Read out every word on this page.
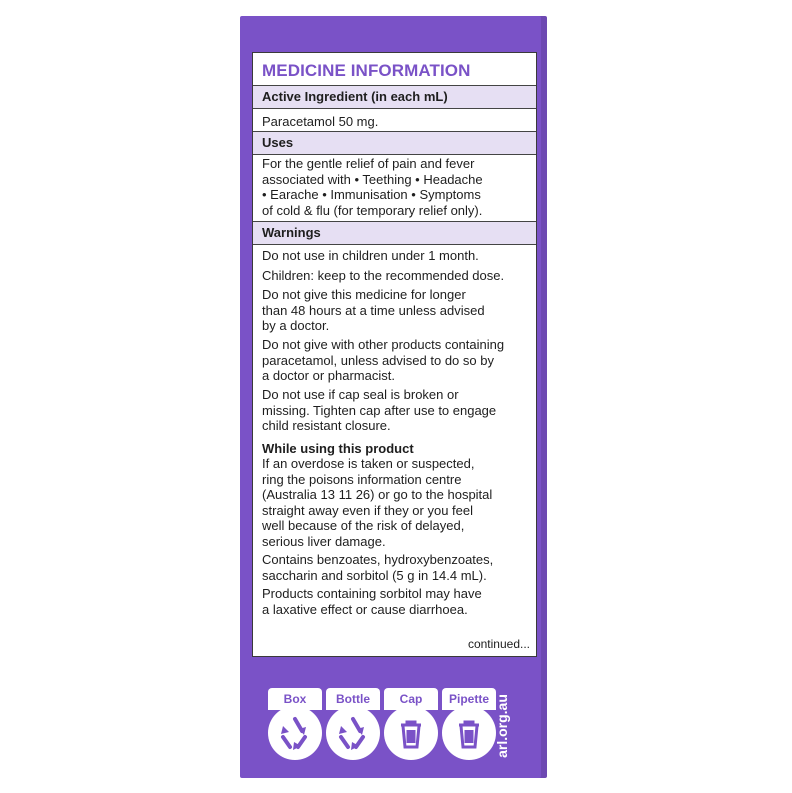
MEDICINE INFORMATION
Active Ingredient (in each mL)

Paracetamol 50 mg.

Uses

For the gentle relief of pain and fever
associated with • Teething • Headache
• Earache • Immunisation • Symptoms
of cold & flu (for temporary relief only).

Warnings

Do not use in children under 1 month.

Children: keep to the recommended dose.

Do not give this medicine for longer
than 48 hours at a time unless advised
by a doctor.

Do not give with other products containing
paracetamol, unless advised to do so by
a doctor or pharmacist.

Do not use if cap seal is broken or
missing. Tighten cap after use to engage
child resistant closure.

While using this product

If an overdose is taken or suspected,
ring the poisons information centre
(Australia 13 11 26) or go to the hospital
straight away even if they or you feel
well because of the risk of delayed,
serious liver damage.

Contains benzoates, hydroxybenzoates,
saccharin and sorbitol (5 g in 14.4 mL).

Products containing sorbitol may have
a laxative effect or cause diarrhoea.

continued...

Box	Bottle	Cap	Pipette arl.org.au
